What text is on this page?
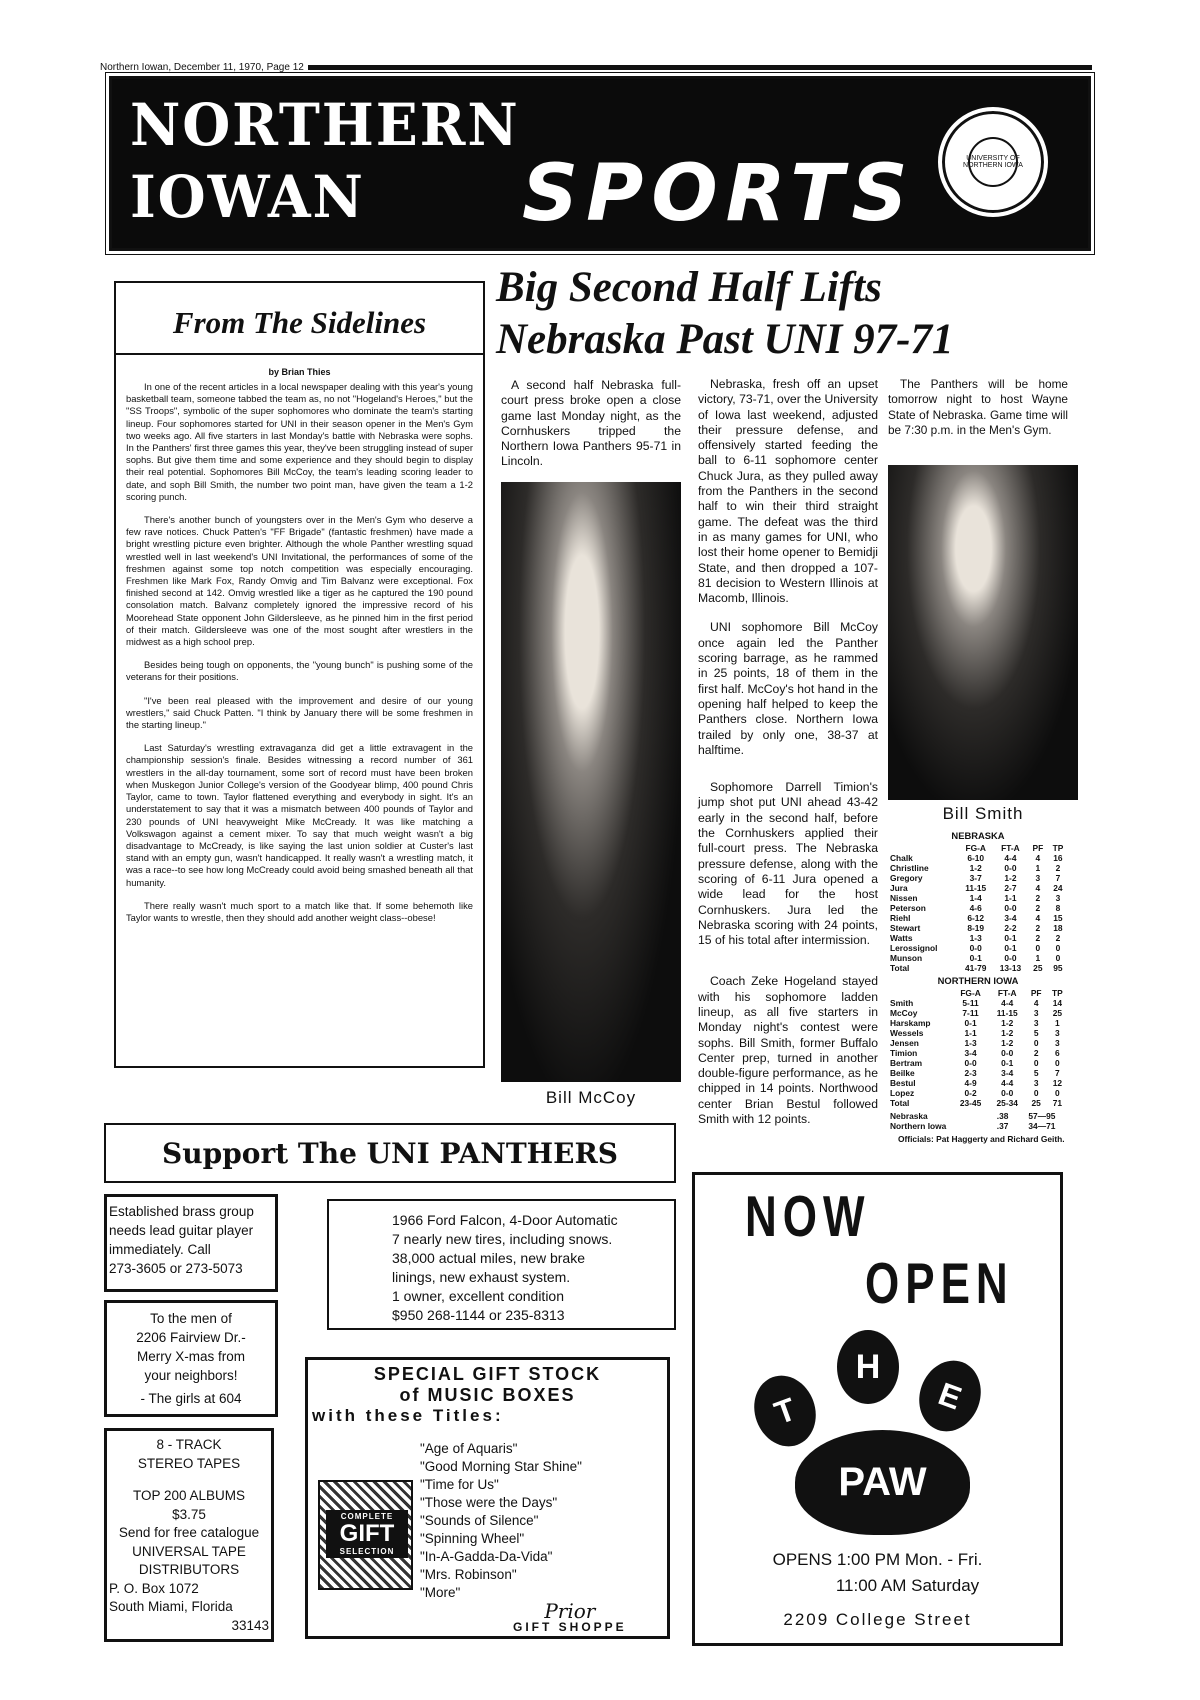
Northern Iowan, December 11, 1970, Page 12
NORTHERN
IOWAN	SPORTS	UNIVERSITY OF NORTHERN IOWA
From The Sidelines
by Brian Thies

In one of the recent articles in a local newspaper dealing with this year's young basketball team, someone tabbed the team as, no not "Hogeland's Heroes," but the "SS Troops", symbolic of the super sophomores who dominate the team's starting lineup. Four sophomores started for UNI in their season opener in the Men's Gym two weeks ago. All five starters in last Monday's battle with Nebraska were sophs. In the Panthers' first three games this year, they've been struggling instead of super sophs. But give them time and some experience and they should begin to display their real potential. Sophomores Bill McCoy, the team's leading scoring leader to date, and soph Bill Smith, the number two point man, have given the team a 1-2 scoring punch.

There's another bunch of youngsters over in the Men's Gym who deserve a few rave notices. Chuck Patten's "FF Brigade" (fantastic freshmen) have made a bright wrestling picture even brighter. Although the whole Panther wrestling squad wrestled well in last weekend's UNI Invitational, the performances of some of the freshmen against some top notch competition was especially encouraging. Freshmen like Mark Fox, Randy Omvig and Tim Balvanz were exceptional. Fox finished second at 142. Omvig wrestled like a tiger as he captured the 190 pound consolation match. Balvanz completely ignored the impressive record of his Moorehead State opponent John Gildersleeve, as he pinned him in the first period of their match. Gildersleeve was one of the most sought after wrestlers in the midwest as a high school prep.

Besides being tough on opponents, the "young bunch" is pushing some of the veterans for their positions.

"I've been real pleased with the improvement and desire of our young wrestlers," said Chuck Patten. "I think by January there will be some freshmen in the starting lineup."

Last Saturday's wrestling extravaganza did get a little extravagent in the championship session's finale. Besides witnessing a record number of 361 wrestlers in the all-day tournament, some sort of record must have been broken when Muskegon Junior College's version of the Goodyear blimp, 400 pound Chris Taylor, came to town. Taylor flattened everything and everybody in sight. It's an understatement to say that it was a mismatch between 400 pounds of Taylor and 230 pounds of UNI heavyweight Mike McCready. It was like matching a Volkswagon against a cement mixer. To say that much weight wasn't a big disadvantage to McCready, is like saying the last union soldier at Custer's last stand with an empty gun, wasn't handicapped. It really wasn't a wrestling match, it was a race--to see how long McCready could avoid being smashed beneath all that humanity.

There really wasn't much sport to a match like that. If some behemoth like Taylor wants to wrestle, then they should add another weight class--obese!

Big Second Half Lifts
Nebraska Past UNI 97-71

A second half Nebraska full-court press broke open a close game last Monday night, as the Cornhuskers tripped the Northern Iowa Panthers 95-71 in Lincoln.

Bill McCoy

Nebraska, fresh off an upset victory, 73-71, over the University of Iowa last weekend, adjusted their pressure defense, and offensively started feeding the ball to 6-11 sophomore center Chuck Jura, as they pulled away from the Panthers in the second half to win their third straight game. The defeat was the third in as many games for UNI, who lost their home opener to Bemidji State, and then dropped a 107-81 decision to Western Illinois at Macomb, Illinois.

UNI sophomore Bill McCoy once again led the Panther scoring barrage, as he rammed in 25 points, 18 of them in the first half. McCoy's hot hand in the opening half helped to keep the Panthers close. Northern Iowa trailed by only one, 38-37 at halftime.

Sophomore Darrell Timion's jump shot put UNI ahead 43-42 early in the second half, before the Cornhuskers applied their full-court press. The Nebraska pressure defense, along with the scoring of 6-11 Jura opened a wide lead for the host Cornhuskers. Jura led the Nebraska scoring with 24 points, 15 of his total after intermission.

Coach Zeke Hogeland stayed with his sophomore ladden lineup, as all five starters in Monday night's contest were sophs. Bill Smith, former Buffalo Center prep, turned in another double-figure performance, as he chipped in 14 points. Northwood center Brian Bestul followed Smith with 12 points.

The Panthers will be home tomorrow night to host Wayne State of Nebraska. Game time will be 7:30 p.m. in the Men's Gym.

Bill Smith
NEBRASKA
	FG-A	FT-A	PF	TP
Chalk	6-10	4-4	4	16
Christline	1-2	0-0	1	2
Gregory	3-7	1-2	3	7
Jura	11-15	2-7	4	24
Nissen	1-4	1-1	2	3
Peterson	4-6	0-0	2	8
Riehl	6-12	3-4	4	15
Stewart	8-19	2-2	2	18
Watts	1-3	0-1	2	2
Lerossignol	0-0	0-1	0	0
Munson	0-1	0-0	1	0
Total	41-79	13-13	25	95
NORTHERN IOWA
	FG-A	FT-A	PF	TP
Smith	5-11	4-4	4	14
McCoy	7-11	11-15	3	25
Harskamp	0-1	1-2	3	1
Wessels	1-1	1-2	5	3
Jensen	1-3	1-2	0	3
Timion	3-4	0-0	2	6
Bertram	0-0	0-1	0	0
Beilke	2-3	3-4	5	7
Bestul	4-9	4-4	3	12
Lopez	0-2	0-0	0	0
Total	23-45	25-34	25	71
Nebraska	.38	57—95
Northern Iowa	.37	34—71
Officials: Pat Haggerty and Richard Geith.
Support The UNI PANTHERS
Established brass group
needs lead guitar player
immediately. Call
273-3605 or 273-5073
1966 Ford Falcon, 4-Door Automatic
7 nearly new tires, including snows.
38,000 actual miles, new brake
linings, new exhaust system.
1 owner, excellent condition
$950 268-1144 or 235-8313
To the men of
2206 Fairview Dr.-
Merry X-mas from
your neighbors!
- The girls at 604
8 - TRACK
STEREO TAPES
TOP 200 ALBUMS
$3.75
Send for free catalogue
UNIVERSAL TAPE
DISTRIBUTORS
P. O. Box 1072
South Miami, Florida
33143
SPECIAL GIFT STOCK
of MUSIC BOXES
with these Titles:
COMPLETE
GIFT
SELECTION
"Age of Aquaris"
"Good Morning Star Shine"
"Time for Us"
"Those were the Days"
"Sounds of Silence"
"Spinning Wheel"
"In-A-Gadda-Da-Vida"
"Mrs. Robinson"
"More"
Prior
GIFT SHOPPE
NOW
OPEN
T
H
E
PAW
OPENS 1:00 PM Mon. - Fri.
11:00 AM Saturday
2209 College Street
